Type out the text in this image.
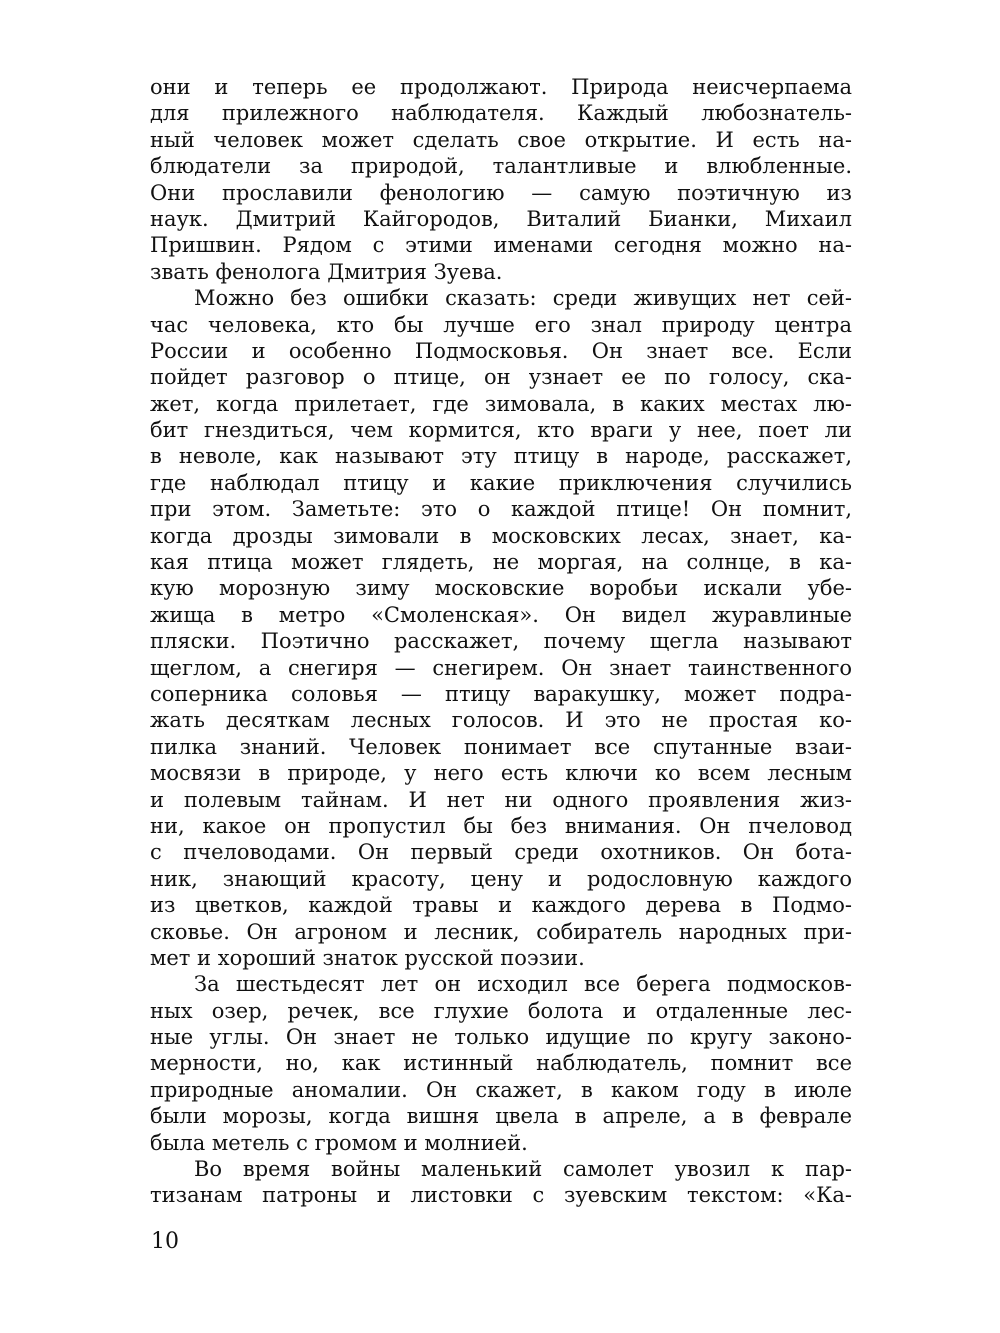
они и теперь ее продолжают. Природа неисчерпаема
для прилежного наблюдателя. Каждый любознатель-
ный человек может сделать свое открытие. И есть на-
блюдатели за природой, талантливые и влюбленные.
Они прославили фенологию — самую поэтичную из
наук. Дмитрий Кайгородов, Виталий Бианки, Михаил
Пришвин. Рядом с этими именами сегодня можно на-
звать фенолога Дмитрия Зуева.
Можно без ошибки сказать: среди живущих нет сей-
час человека, кто бы лучше его знал природу центра
России и особенно Подмосковья. Он знает все. Если
пойдет разговор о птице, он узнает ее по голосу, ска-
жет, когда прилетает, где зимовала, в каких местах лю-
бит гнездиться, чем кормится, кто враги у нее, поет ли
в неволе, как называют эту птицу в народе, расскажет,
где наблюдал птицу и какие приключения случились
при этом. Заметьте: это о каждой птице! Он помнит,
когда дрозды зимовали в московских лесах, знает, ка-
кая птица может глядеть, не моргая, на солнце, в ка-
кую морозную зиму московские воробьи искали убе-
жища в метро «Смоленская». Он видел журавлиные
пляски. Поэтично расскажет, почему щегла называют
щеглом, а снегиря — снегирем. Он знает таинственного
соперника соловья — птицу варакушку, может подра-
жать десяткам лесных голосов. И это не простая ко-
пилка знаний. Человек понимает все спутанные взаи-
мосвязи в природе, у него есть ключи ко всем лесным
и полевым тайнам. И нет ни одного проявления жиз-
ни, какое он пропустил бы без внимания. Он пчеловод
с пчеловодами. Он первый среди охотников. Он бота-
ник, знающий красоту, цену и родословную каждого
из цветков, каждой травы и каждого дерева в Подмо-
сковье. Он агроном и лесник, собиратель народных при-
мет и хороший знаток русской поэзии.
За шестьдесят лет он исходил все берега подмосков-
ных озер, речек, все глухие болота и отдаленные лес-
ные углы. Он знает не только идущие по кругу законо-
мерности, но, как истинный наблюдатель, помнит все
природные аномалии. Он скажет, в каком году в июле
были морозы, когда вишня цвела в апреле, а в феврале
была метель с громом и молнией.
Во время войны маленький самолет увозил к пар-
тизанам патроны и листовки с зуевским текстом: «Ка-
10
